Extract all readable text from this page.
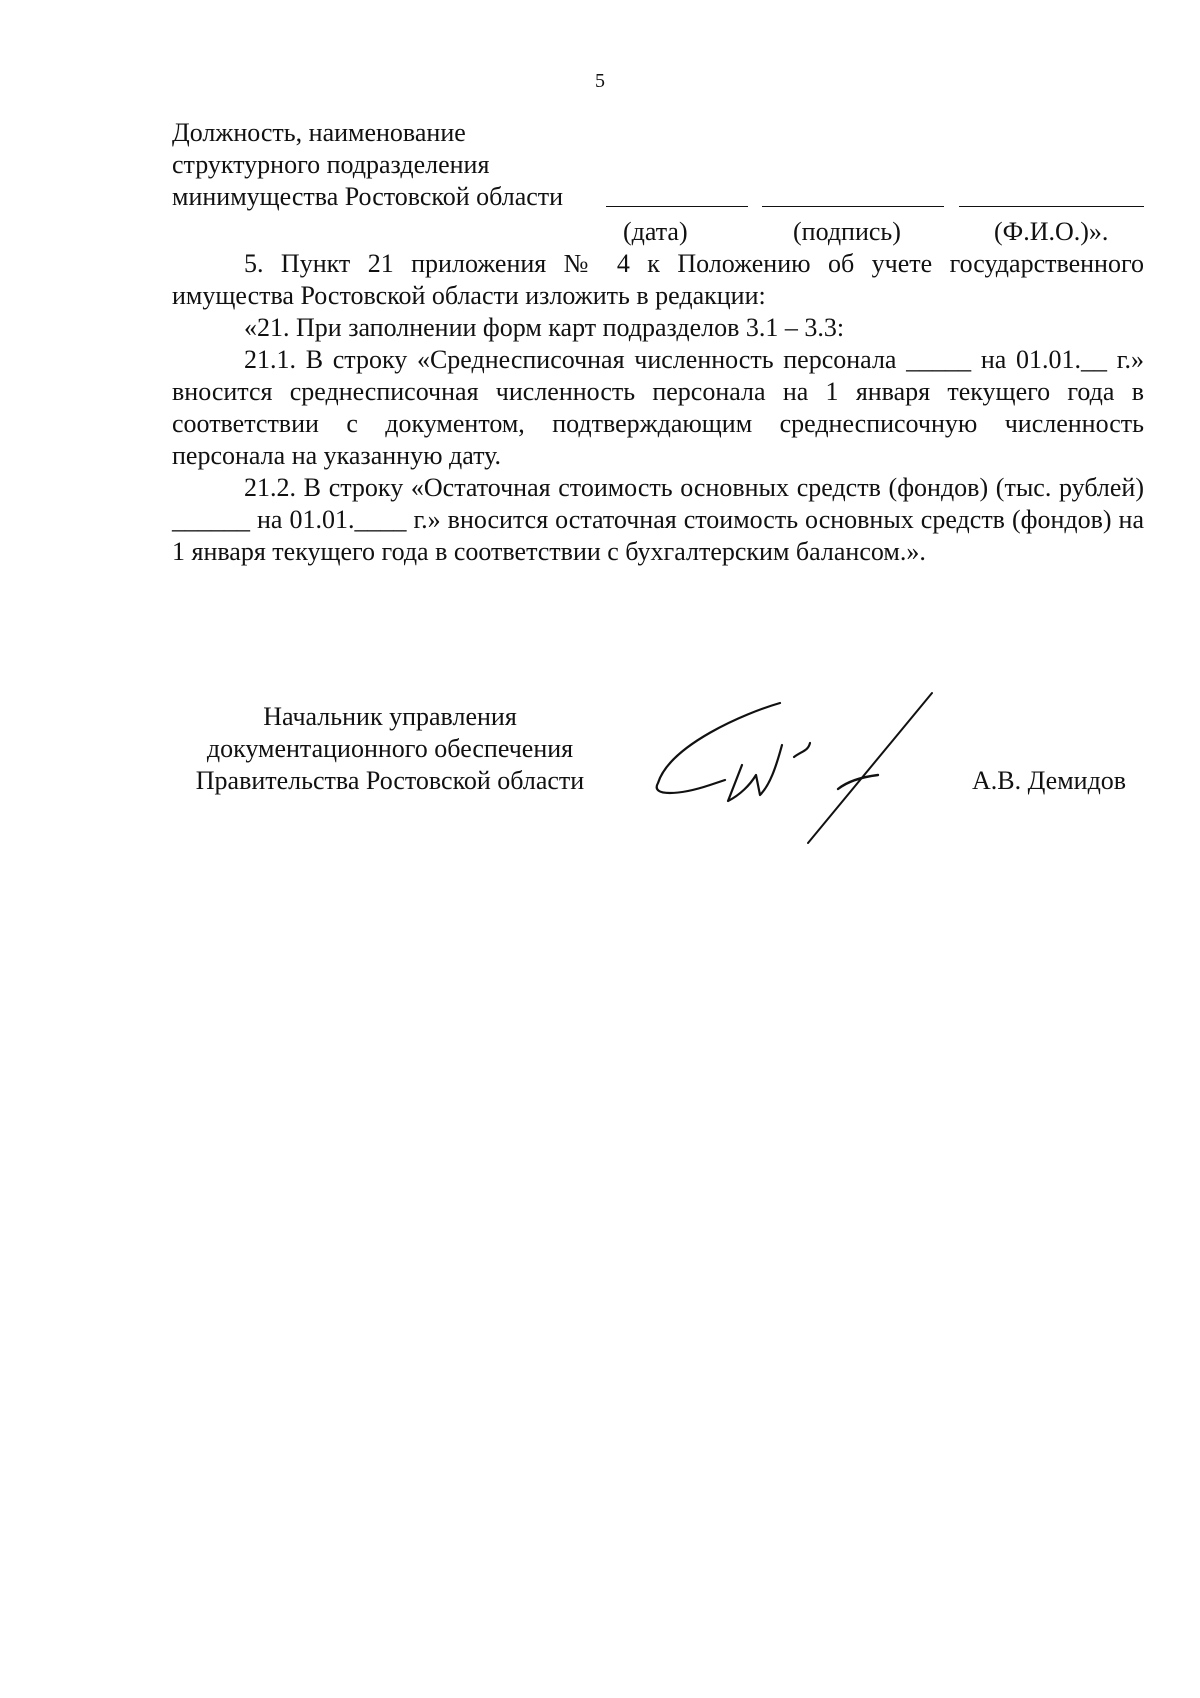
5
Должность, наименование
структурного подразделения
минимущества Ростовской области
(дата)	(подпись)	(Ф.И.О.)».

5. Пункт 21 приложения № 4 к Положению об учете государственного имущества Ростовской области изложить в редакции:

«21. При заполнении форм карт подразделов 3.1 – 3.3:

21.1. В строку «Среднесписочная численность персонала _____ на 01.01.__ г.» вносится среднесписочная численность персонала на 1 января текущего года в соответствии с документом, подтверждающим среднесписочную численность персонала на указанную дату.

21.2. В строку «Остаточная стоимость основных средств (фондов) (тыс. рублей) ______ на 01.01.____ г.» вносится остаточная стоимость основных средств (фондов) на 1 января текущего года в соответствии с бухгалтерским балансом.».

Начальник управления
документационного обеспечения
Правительства Ростовской области	А.В. Демидов
